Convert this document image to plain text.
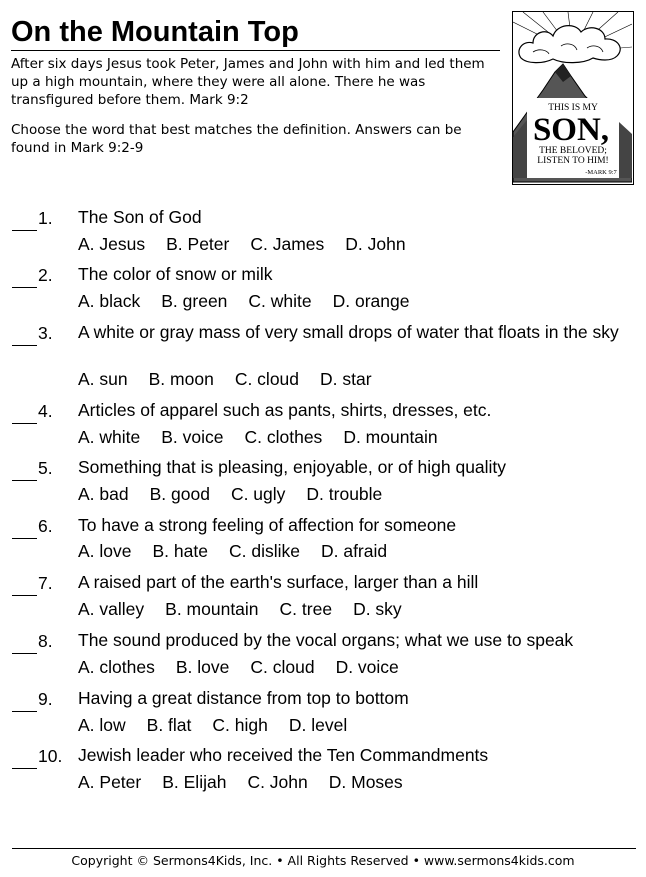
On the Mountain Top
After six days Jesus took Peter, James and John with him and led them up a high mountain, where they were all alone. There he was transfigured before them. Mark 9:2
Choose the word that best matches the definition. Answers can be found in Mark 9:2-9
THIS IS MY
SON,
THE BELOVED;
LISTEN TO HIM!
-MARK 9:7
1. The Son of God
A. Jesus B. Peter C. James D. John
2. The color of snow or milk
A. black B. green C. white D. orange
3. A white or gray mass of very small drops of water that floats in the sky
A. sun B. moon C. cloud D. star
4. Articles of apparel such as pants, shirts, dresses, etc.
A. white B. voice C. clothes D. mountain
5. Something that is pleasing, enjoyable, or of high quality
A. bad B. good C. ugly D. trouble
6. To have a strong feeling of affection for someone
A. love B. hate C. dislike D. afraid
7. A raised part of the earth's surface, larger than a hill
A. valley B. mountain C. tree D. sky
8. The sound produced by the vocal organs; what we use to speak
A. clothes B. love C. cloud D. voice
9. Having a great distance from top to bottom
A. low B. flat C. high D. level
10. Jewish leader who received the Ten Commandments
A. Peter B. Elijah C. John D. Moses
Copyright © Sermons4Kids, Inc. • All Rights Reserved • www.sermons4kids.com
